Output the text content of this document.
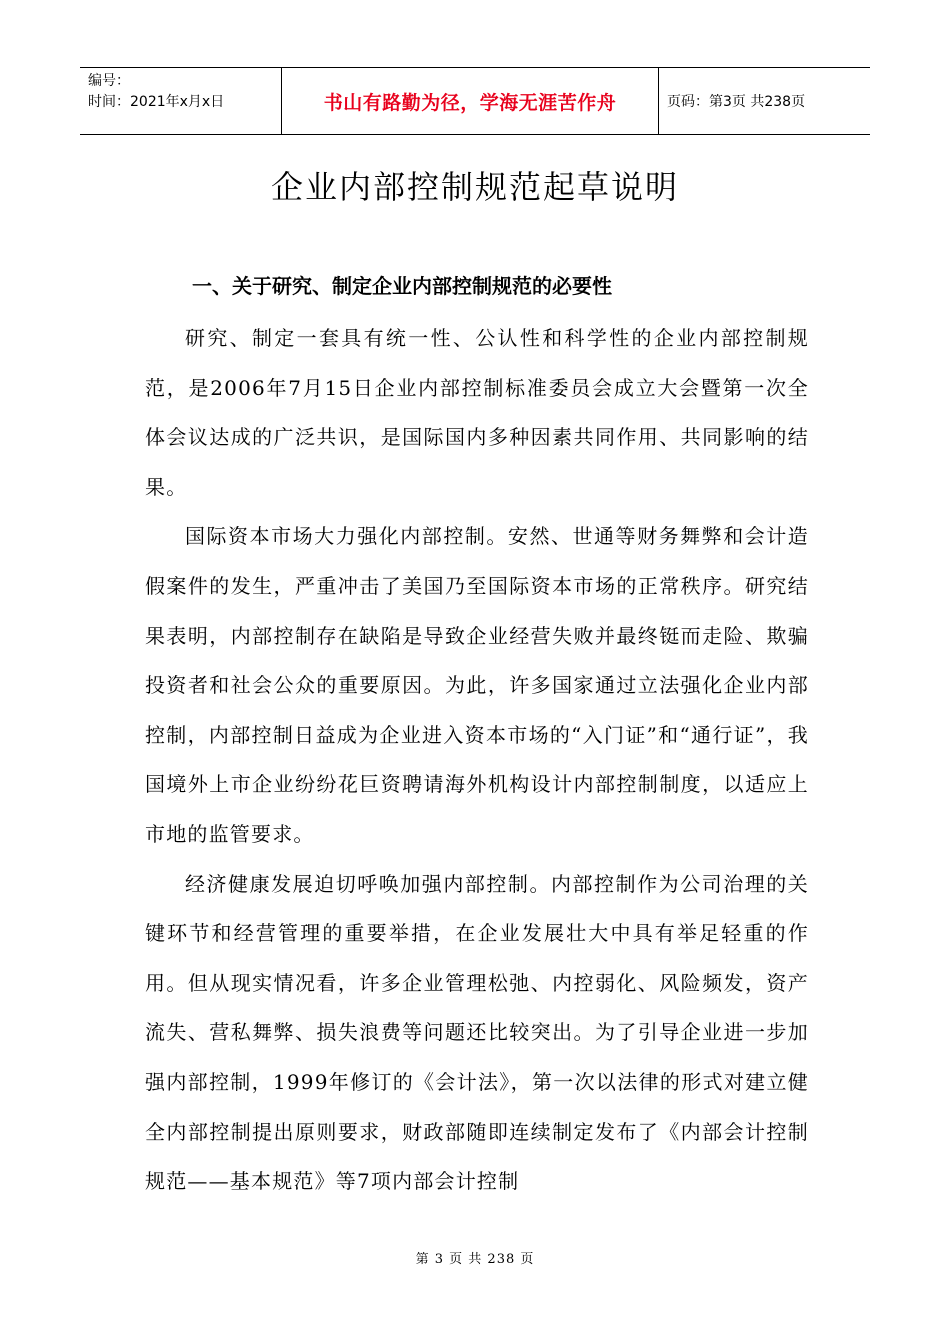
编号：
时间：2021年x月x日	书山有路勤为径，学海无涯苦作舟	页码：第3页 共238页
企业内部控制规范起草说明
一、关于研究、制定企业内部控制规范的必要性

研究、制定一套具有统一性、公认性和科学性的企业内部控制规范，是2006年7月15日企业内部控制标准委员会成立大会暨第一次全体会议达成的广泛共识，是国际国内多种因素共同作用、共同影响的结果。

国际资本市场大力强化内部控制。安然、世通等财务舞弊和会计造假案件的发生，严重冲击了美国乃至国际资本市场的正常秩序。研究结果表明，内部控制存在缺陷是导致企业经营失败并最终铤而走险、欺骗投资者和社会公众的重要原因。为此，许多国家通过立法强化企业内部控制，内部控制日益成为企业进入资本市场的“入门证”和“通行证”，我国境外上市企业纷纷花巨资聘请海外机构设计内部控制制度，以适应上市地的监管要求。

经济健康发展迫切呼唤加强内部控制。内部控制作为公司治理的关键环节和经营管理的重要举措，在企业发展壮大中具有举足轻重的作用。但从现实情况看，许多企业管理松弛、内控弱化、风险频发，资产流失、营私舞弊、损失浪费等问题还比较突出。为了引导企业进一步加强内部控制，1999年修订的《会计法》，第一次以法律的形式对建立健全内部控制提出原则要求，财政部随即连续制定发布了《内部会计控制规范——基本规范》等7项内部会计控制

第 3 页 共 238 页
